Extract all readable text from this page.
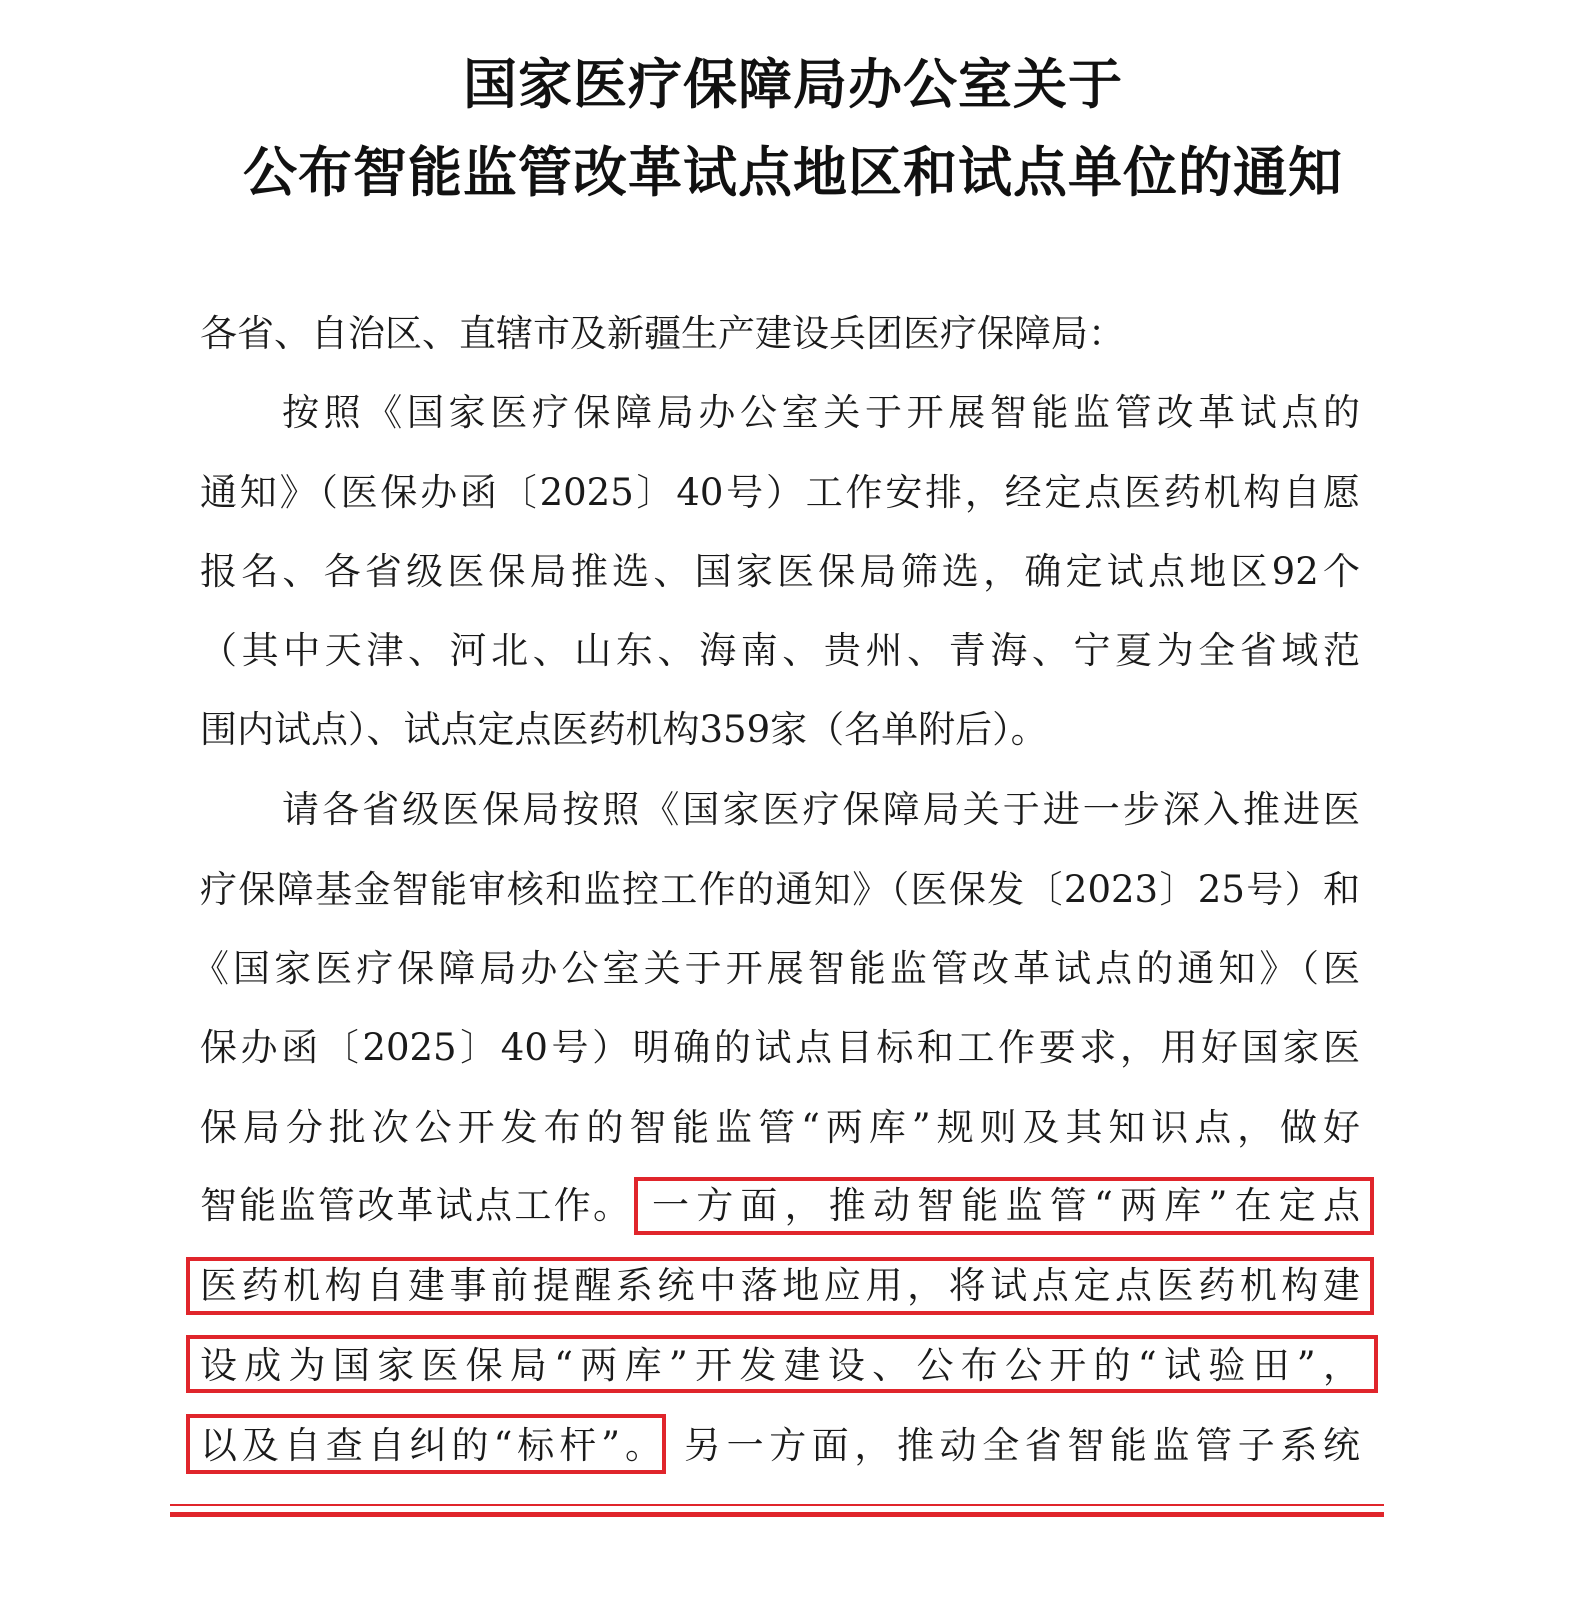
国家医疗保障局办公室关于
公布智能监管改革试点地区和试点单位的通知
各省、自治区、直辖市及新疆生产建设兵团医疗保障局：
按照《国家医疗保障局办公室关于开展智能监管改革试点的
通知》（医保办函〔2025〕40号）工作安排，经定点医药机构自愿
报名、各省级医保局推选、国家医保局筛选，确定试点地区92个
（其中天津、河北、山东、海南、贵州、青海、宁夏为全省域范
围内试点）、试点定点医药机构359家（名单附后）。
请各省级医保局按照《国家医疗保障局关于进一步深入推进医
疗保障基金智能审核和监控工作的通知》（医保发〔2023〕25号）和
《国家医疗保障局办公室关于开展智能监管改革试点的通知》（医
保办函〔2025〕40号）明确的试点目标和工作要求，用好国家医
保局分批次公开发布的智能监管“两库”规则及其知识点，做好
智能监管改革试点工作。 一方面，推动智能监管“两库”在定点
医药机构自建事前提醒系统中落地应用，将试点定点医药机构建
设成为国家医保局“两库”开发建设、公布公开的“试验田”，
以及自查自纠的“标杆”。 另一方面，推动全省智能监管子系统
